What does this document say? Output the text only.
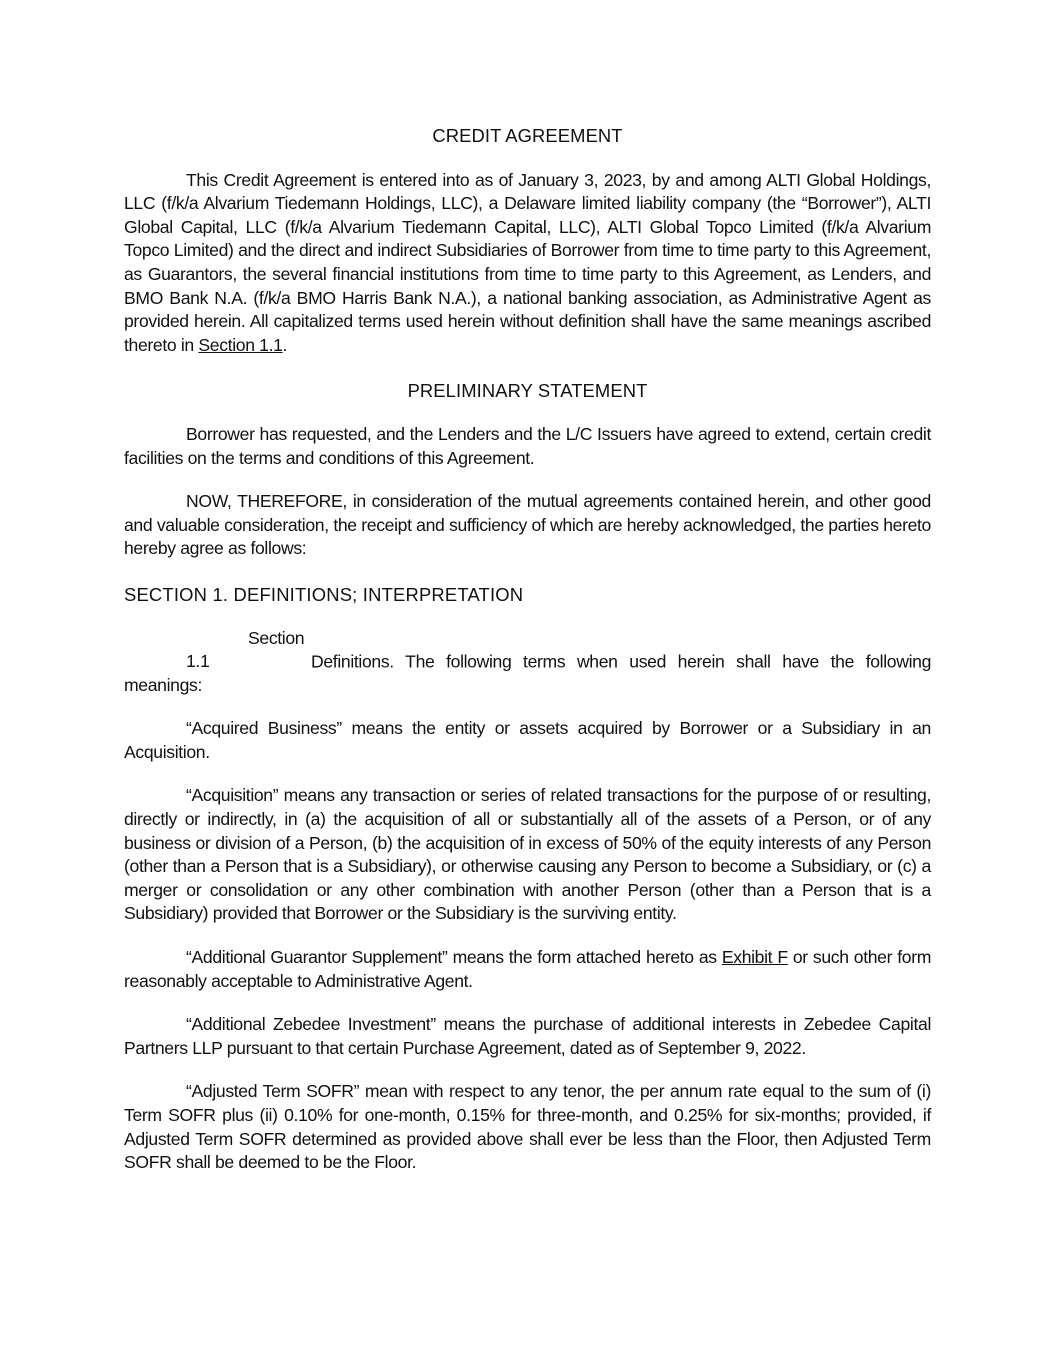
CREDIT AGREEMENT

This Credit Agreement is entered into as of January 3, 2023, by and among ALTI Global Holdings, LLC (f/k/a Alvarium Tiedemann Holdings, LLC), a Delaware limited liability company (the “Borrower”), ALTI Global Capital, LLC (f/k/a Alvarium Tiedemann Capital, LLC), ALTI Global Topco Limited (f/k/a Alvarium Topco Limited) and the direct and indirect Subsidiaries of Borrower from time to time party to this Agreement, as Guarantors, the several financial institutions from time to time party to this Agreement, as Lenders, and BMO Bank N.A. (f/k/a BMO Harris Bank N.A.), a national banking association, as Administrative Agent as provided herein. All capitalized terms used herein without definition shall have the same meanings ascribed thereto in Section 1.1.

PRELIMINARY STATEMENT

Borrower has requested, and the Lenders and the L/C Issuers have agreed to extend, certain credit facilities on the terms and conditions of this Agreement.

NOW, THEREFORE, in consideration of the mutual agreements contained herein, and other good and valuable consideration, the receipt and sufficiency of which are hereby acknowledged, the parties hereto hereby agree as follows:

SECTION 1. DEFINITIONS; INTERPRETATION

Section 1.1	Definitions. The following terms when used herein shall have the following meanings:

“Acquired Business” means the entity or assets acquired by Borrower or a Subsidiary in an Acquisition.

“Acquisition” means any transaction or series of related transactions for the purpose of or resulting, directly or indirectly, in (a) the acquisition of all or substantially all of the assets of a Person, or of any business or division of a Person, (b) the acquisition of in excess of 50% of the equity interests of any Person (other than a Person that is a Subsidiary), or otherwise causing any Person to become a Subsidiary, or (c) a merger or consolidation or any other combination with another Person (other than a Person that is a Subsidiary) provided that Borrower or the Subsidiary is the surviving entity.

“Additional Guarantor Supplement” means the form attached hereto as Exhibit F or such other form reasonably acceptable to Administrative Agent.

“Additional Zebedee Investment” means the purchase of additional interests in Zebedee Capital Partners LLP pursuant to that certain Purchase Agreement, dated as of September 9, 2022.

“Adjusted Term SOFR” mean with respect to any tenor, the per annum rate equal to the sum of (i) Term SOFR plus (ii) 0.10% for one-month, 0.15% for three-month, and 0.25% for six-months; provided, if Adjusted Term SOFR determined as provided above shall ever be less than the Floor, then Adjusted Term SOFR shall be deemed to be the Floor.
